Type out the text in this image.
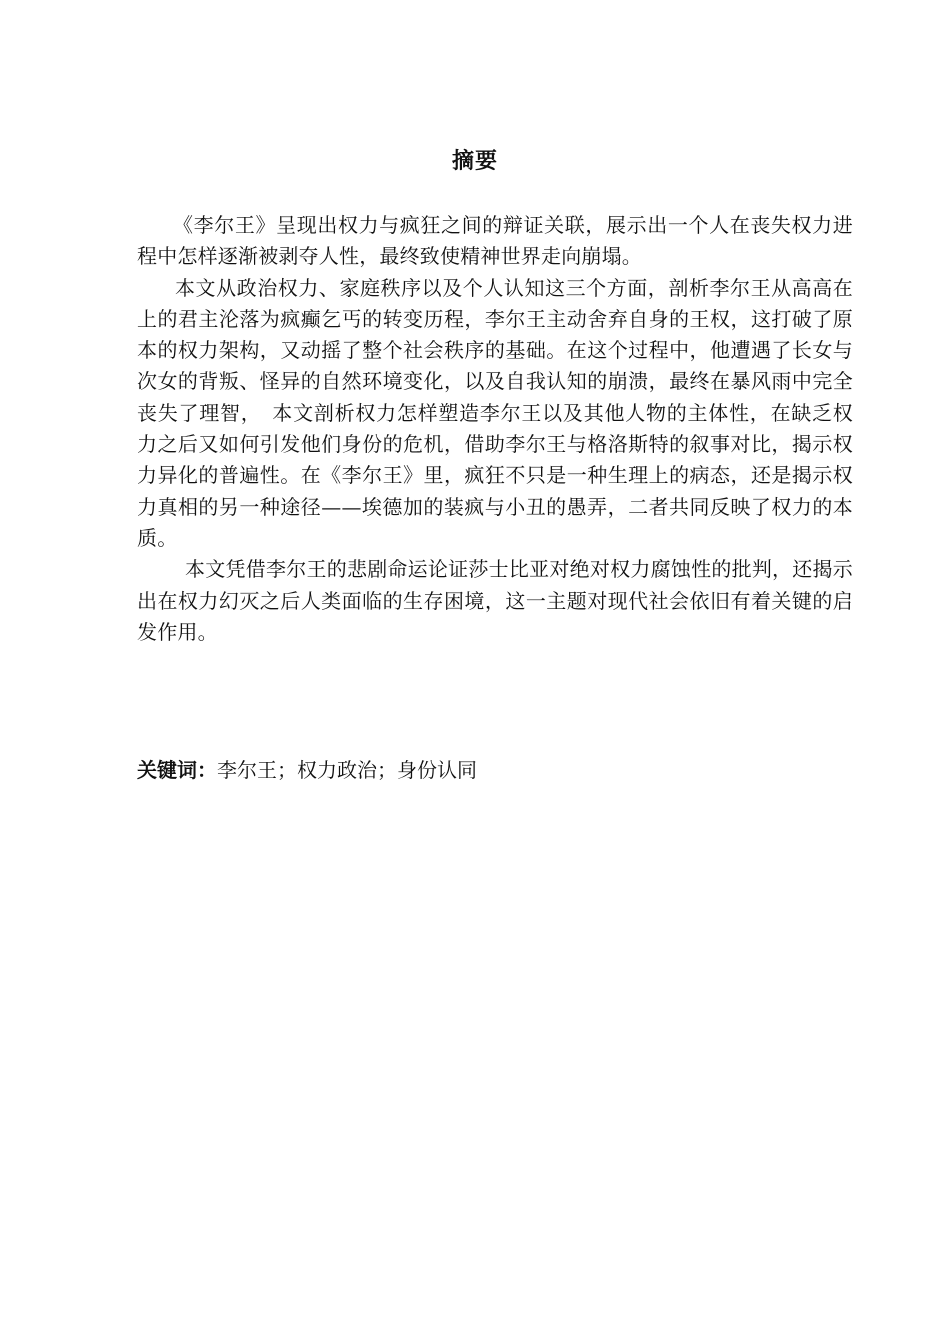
摘要

《李尔王》呈现出权力与疯狂之间的辩证关联，展示出一个人在丧失权力进程中怎样逐渐被剥夺人性，最终致使精神世界走向崩塌。

本文从政治权力、家庭秩序以及个人认知这三个方面，剖析李尔王从高高在上的君主沦落为疯癫乞丐的转变历程，李尔王主动舍弃自身的王权，这打破了原本的权力架构，又动摇了整个社会秩序的基础。在这个过程中，他遭遇了长女与次女的背叛、怪异的自然环境变化，以及自我认知的崩溃，最终在暴风雨中完全丧失了理智，　本文剖析权力怎样塑造李尔王以及其他人物的主体性，在缺乏权力之后又如何引发他们身份的危机，借助李尔王与格洛斯特的叙事对比，揭示权力异化的普遍性。在《李尔王》里，疯狂不只是一种生理上的病态，还是揭示权力真相的另一种途径——埃德加的装疯与小丑的愚弄，二者共同反映了权力的本质。

本文凭借李尔王的悲剧命运论证莎士比亚对绝对权力腐蚀性的批判，还揭示出在权力幻灭之后人类面临的生存困境，这一主题对现代社会依旧有着关键的启发作用。

关键词：李尔王；权力政治；身份认同
